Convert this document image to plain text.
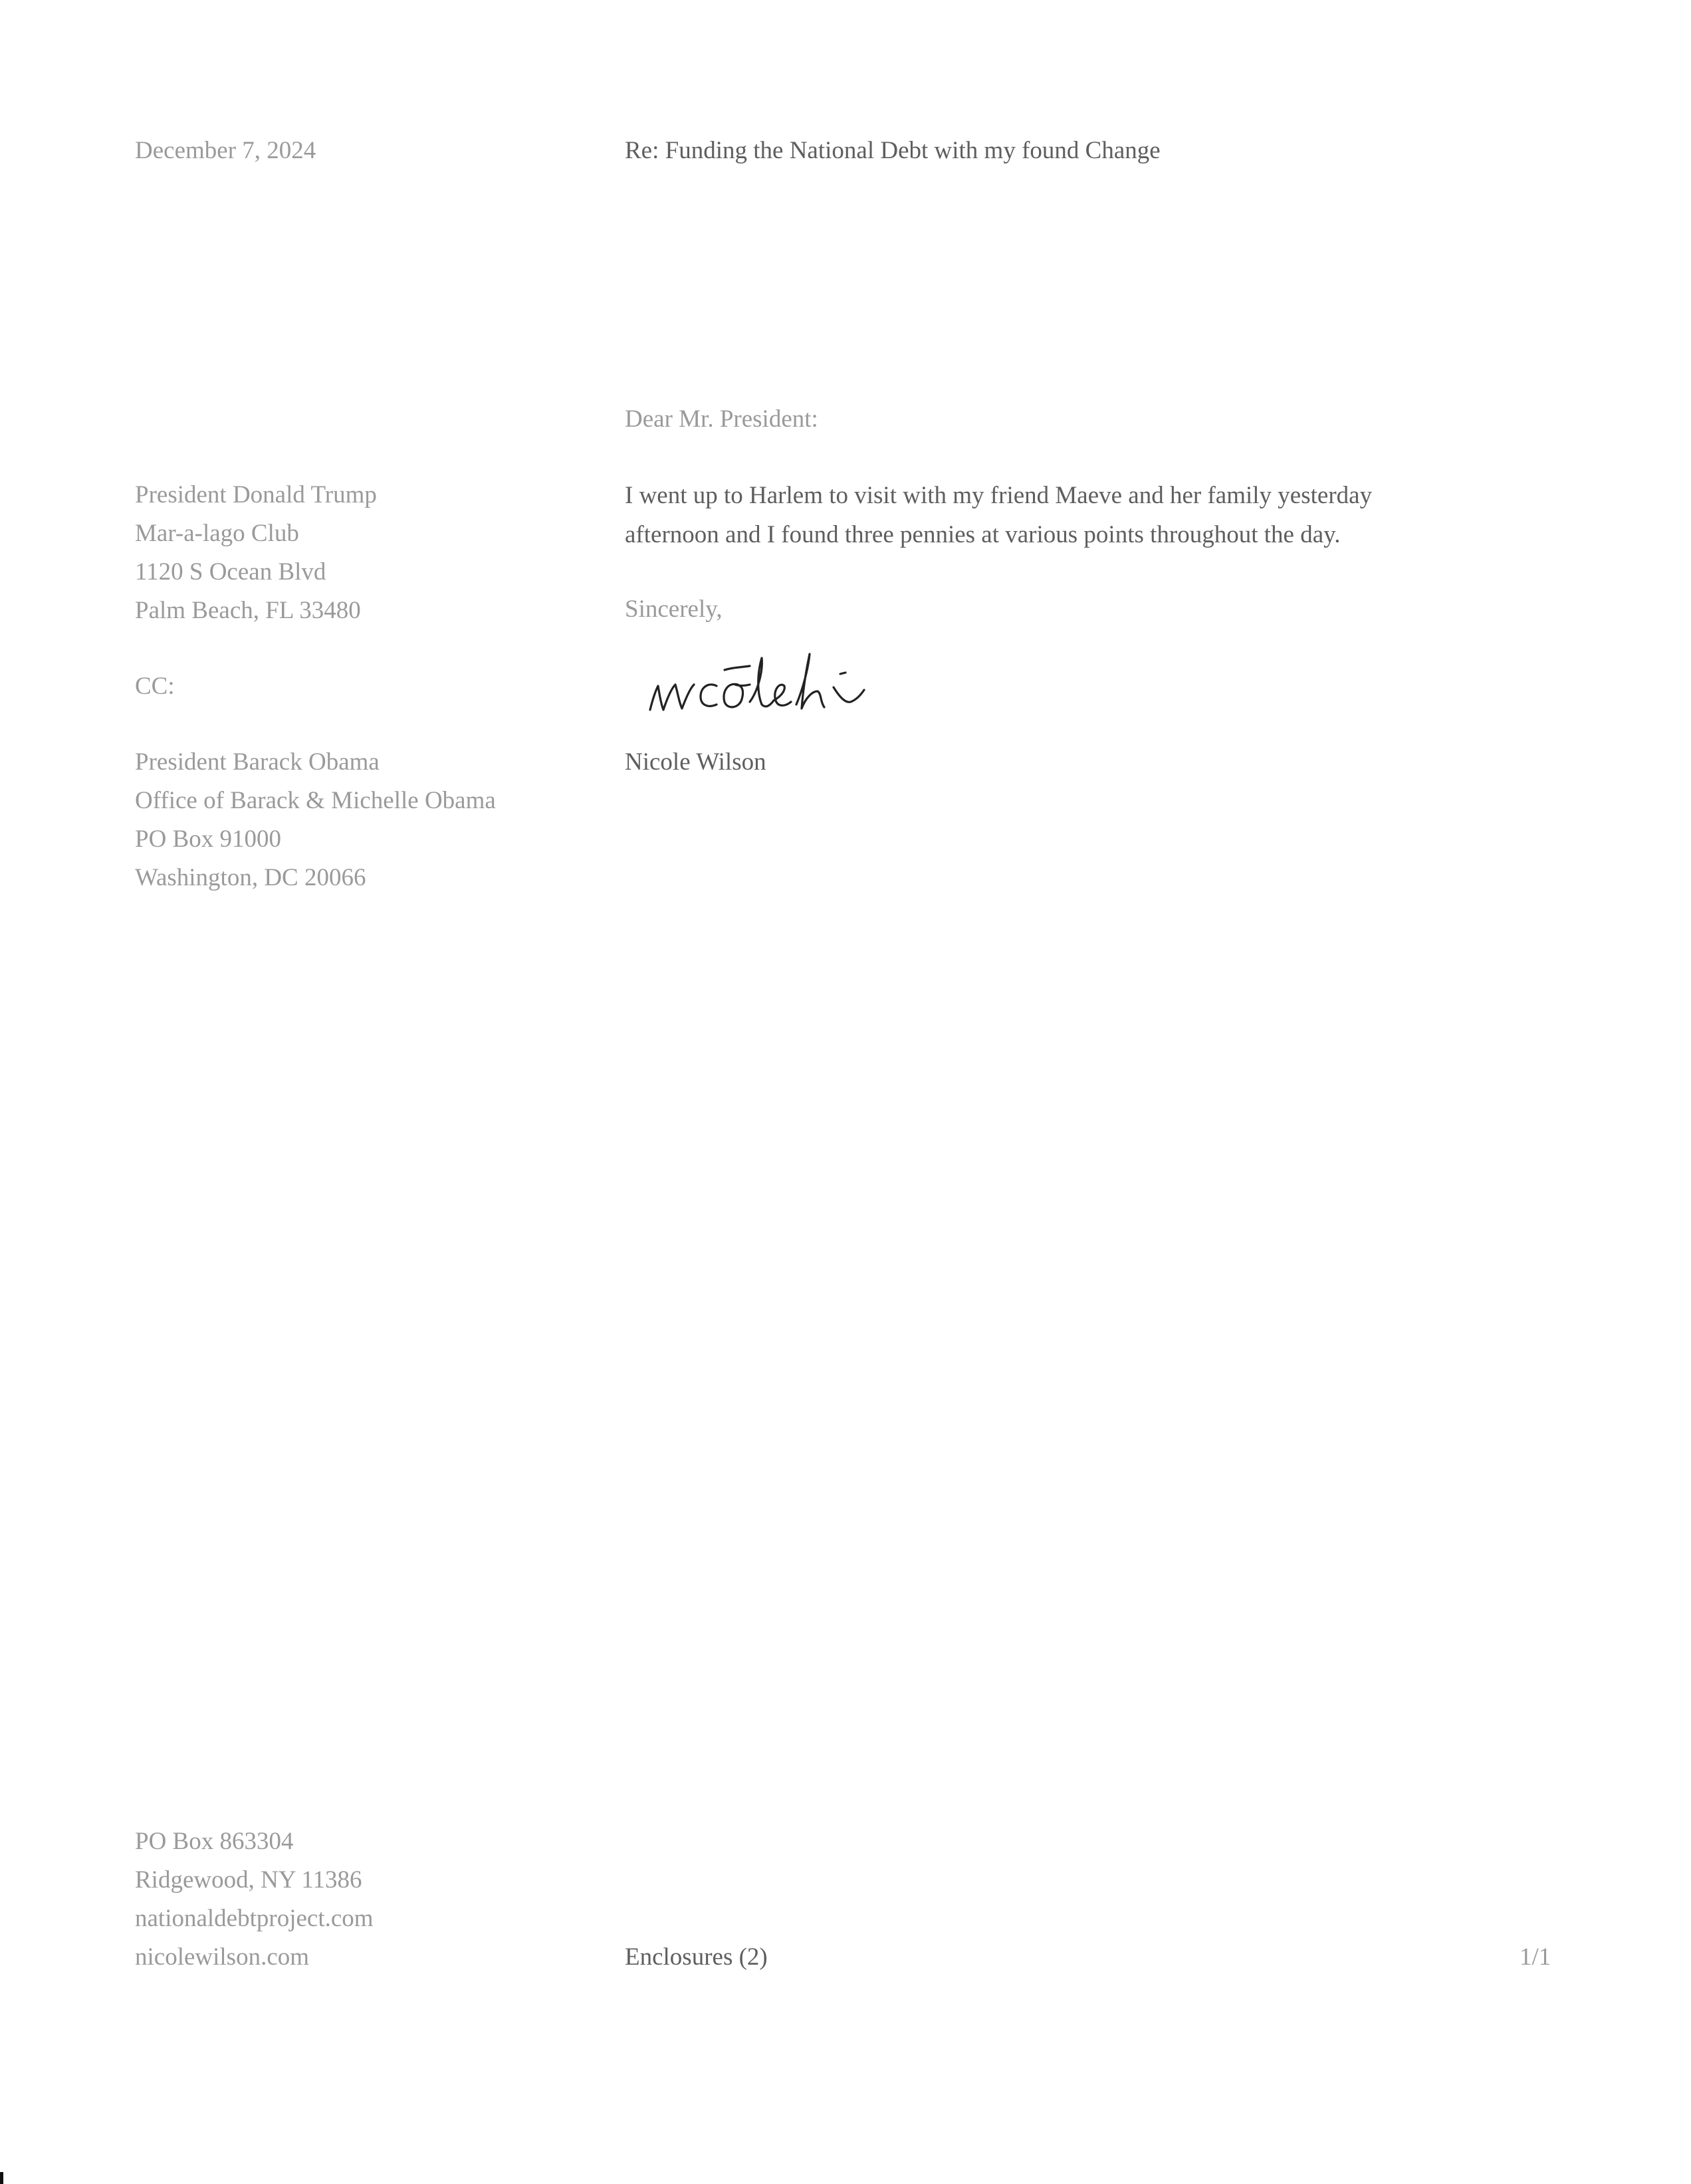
December 7, 2024	Re: Funding the National Debt with my found Change
Dear Mr. President:
President Donald Trump
Mar-a-lago Club
1120 S Ocean Blvd
Palm Beach, FL 33480
I went up to Harlem to visit with my friend Maeve and her family yesterday
afternoon and I found three pennies at various points throughout the day.
Sincerely,
CC:
Nicole Wilson
President Barack Obama
Office of Barack & Michelle Obama
PO Box 91000
Washington, DC 20066
PO Box 863304
Ridgewood, NY 11386
nationaldebtproject.com
nicolewilson.com	Enclosures (2)	1/1
